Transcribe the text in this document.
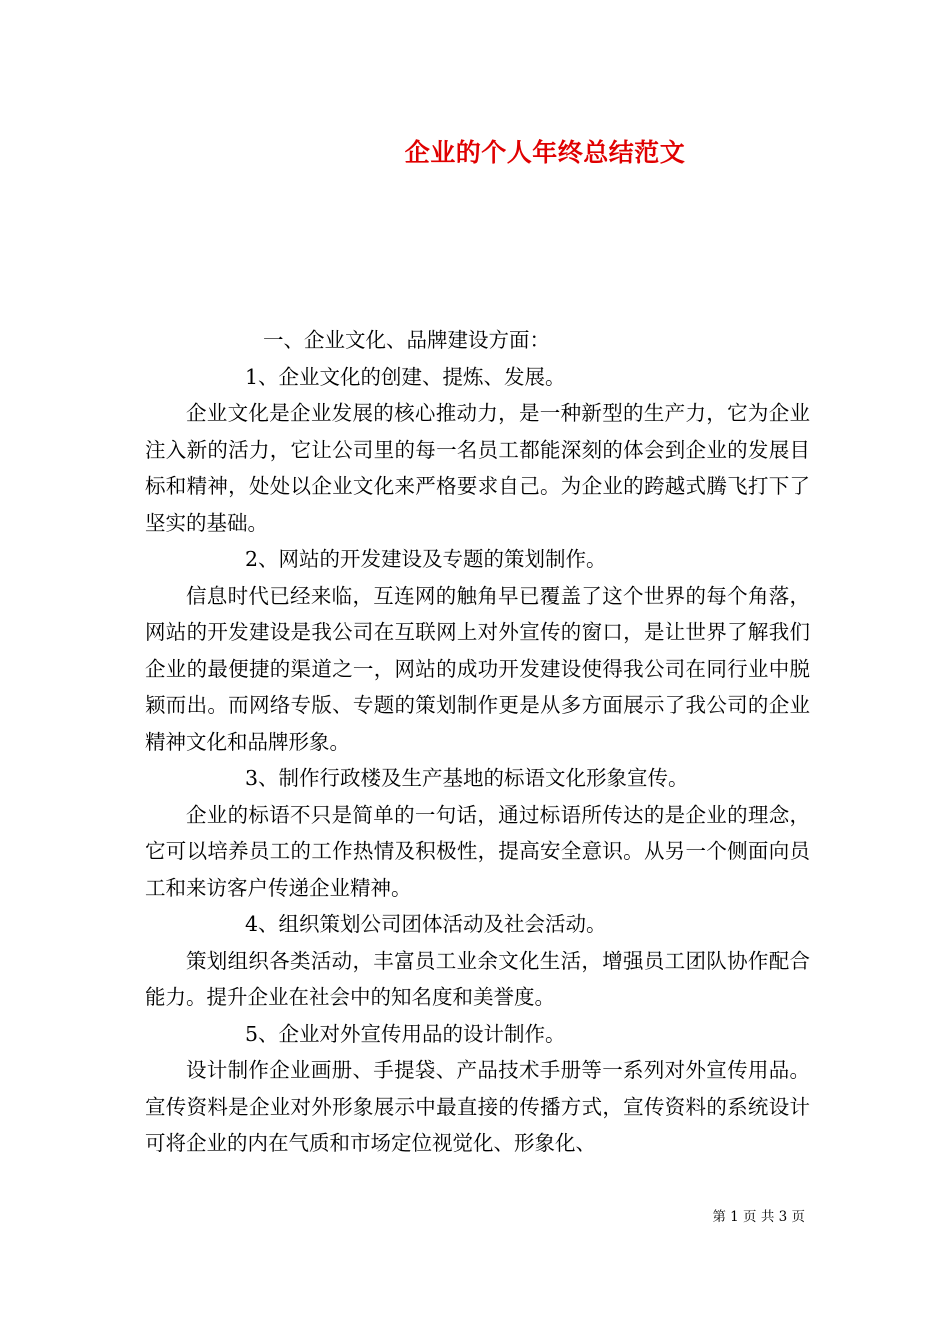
企业的个人年终总结范文

一、企业文化、品牌建设方面：

1、企业文化的创建、提炼、发展。

企业文化是企业发展的核心推动力，是一种新型的生产力，它为企业注入新的活力，它让公司里的每一名员工都能深刻的体会到企业的发展目标和精神，处处以企业文化来严格要求自己。为企业的跨越式腾飞打下了坚实的基础。

2、网站的开发建设及专题的策划制作。

信息时代已经来临，互连网的触角早已覆盖了这个世界的每个角落，网站的开发建设是我公司在互联网上对外宣传的窗口，是让世界了解我们企业的最便捷的渠道之一，网站的成功开发建设使得我公司在同行业中脱颖而出。而网络专版、专题的策划制作更是从多方面展示了我公司的企业精神文化和品牌形象。

3、制作行政楼及生产基地的标语文化形象宣传。

企业的标语不只是简单的一句话，通过标语所传达的是企业的理念，它可以培养员工的工作热情及积极性，提高安全意识。从另一个侧面向员工和来访客户传递企业精神。

4、组织策划公司团体活动及社会活动。

策划组织各类活动，丰富员工业余文化生活，增强员工团队协作配合能力。提升企业在社会中的知名度和美誉度。

5、企业对外宣传用品的设计制作。

设计制作企业画册、手提袋、产品技术手册等一系列对外宣传用品。宣传资料是企业对外形象展示中最直接的传播方式，宣传资料的系统设计可将企业的内在气质和市场定位视觉化、形象化、

第 1 页 共 3 页
